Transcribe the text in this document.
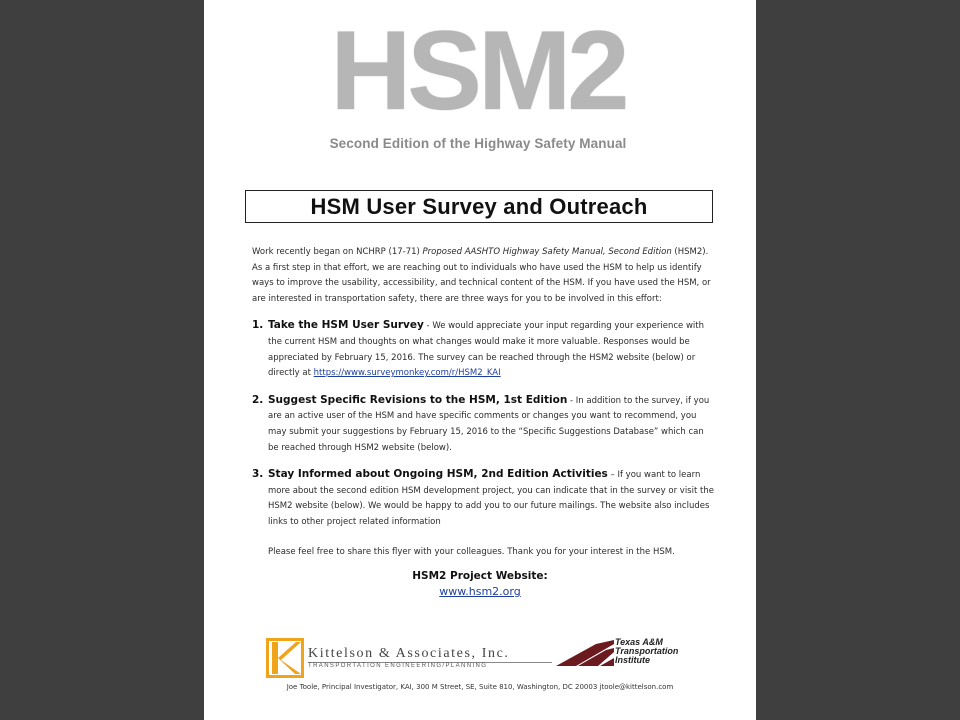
HSM2
Second Edition of the Highway Safety Manual
HSM User Survey and Outreach

Work recently began on NCHRP (17-71) Proposed AASHTO Highway Safety Manual, Second Edition (HSM2). As a first step in that effort, we are reaching out to individuals who have used the HSM to help us identify ways to improve the usability, accessibility, and technical content of the HSM. If you have used the HSM, or are interested in transportation safety, there are three ways for you to be involved in this effort:

1. Take the HSM User Survey - We would appreciate your input regarding your experience with the current HSM and thoughts on what changes would make it more valuable. Responses would be appreciated by February 15, 2016. The survey can be reached through the HSM2 website (below) or directly at https://www.surveymonkey.com/r/HSM2_KAI
2. Suggest Specific Revisions to the HSM, 1st Edition - In addition to the survey, if you are an active user of the HSM and have specific comments or changes you want to recommend, you may submit your suggestions by February 15, 2016 to the “Specific Suggestions Database” which can be reached through HSM2 website (below).
3. Stay Informed about Ongoing HSM, 2nd Edition Activities – If you want to learn more about the second edition HSM development project, you can indicate that in the survey or visit the HSM2 website (below). We would be happy to add you to our future mailings. The website also includes links to other project related information
Please feel free to share this flyer with your colleagues. Thank you for your interest in the HSM.
HSM2 Project Website:
www.hsm2.org
Kittelson & Associates, Inc.
TRANSPORTATION ENGINEERING/PLANNING
Texas A&M
Transportation
Institute
Joe Toole, Principal Investigator, KAI, 300 M Street, SE, Suite 810, Washington, DC 20003 jtoole@kittelson.com
